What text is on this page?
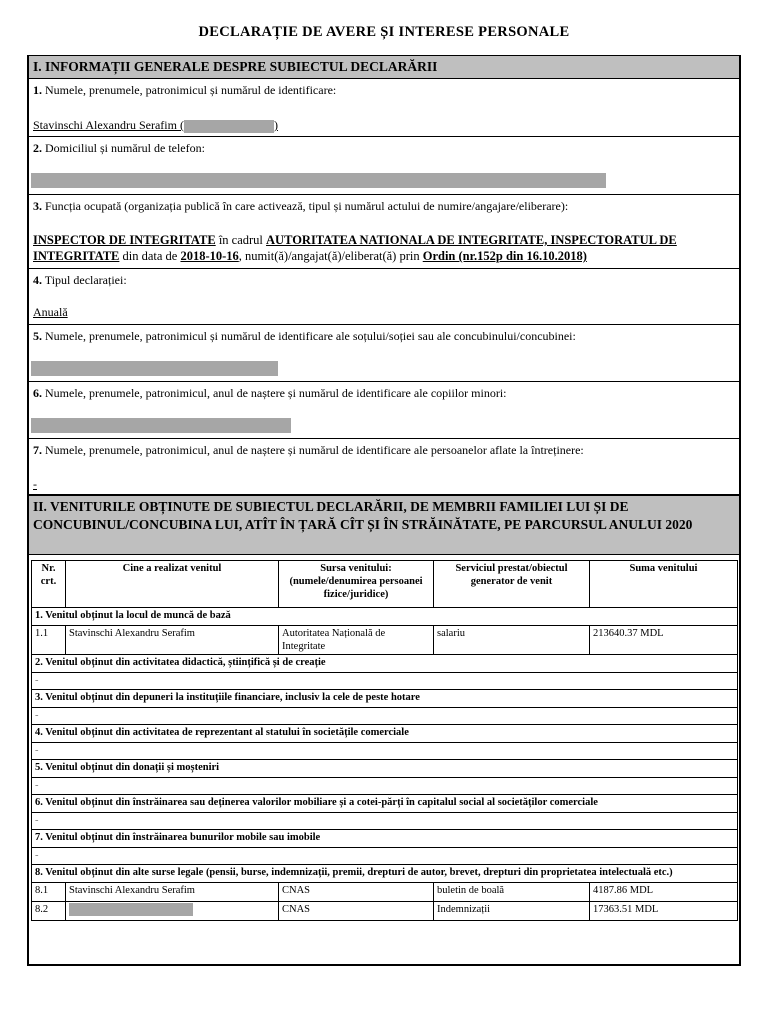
DECLARAȚIE DE AVERE ȘI INTERESE PERSONALE
I. INFORMAȚII GENERALE DESPRE SUBIECTUL DECLARĂRII
1. Numele, prenumele, patronimicul și numărul de identificare:
Stavinschi Alexandru Serafim (	)
2. Domiciliul și numărul de telefon:
3. Funcția ocupată (organizația publică în care activează, tipul și numărul actului de numire/angajare/eliberare):
INSPECTOR DE INTEGRITATE în cadrul AUTORITATEA NATIONALA DE INTEGRITATE, INSPECTORATUL DE INTEGRITATE din data de 2018-10-16, numit(ă)/angajat(ă)/eliberat(ă) prin Ordin (nr.152p din 16.10.2018)
4. Tipul declarației:
Anuală
5. Numele, prenumele, patronimicul și numărul de identificare ale soțului/soției sau ale concubinului/concubinei:
6. Numele, prenumele, patronimicul, anul de naștere și numărul de identificare ale copiilor minori:
7. Numele, prenumele, patronimicul, anul de naștere și numărul de identificare ale persoanelor aflate la întreținere:
-
II. VENITURILE OBȚINUTE DE SUBIECTUL DECLARĂRII, DE MEMBRII FAMILIEI LUI ȘI DE CONCUBINUL/CONCUBINA LUI, ATÎT ÎN ȚARĂ CÎT ȘI ÎN STRĂINĂTATE, PE PARCURSUL ANULUI 2020
Nr. crt.	Cine a realizat venitul	Sursa venitului: (numele/denumirea persoanei fizice/juridice)	Serviciul prestat/obiectul generator de venit	Suma venitului
1. Venitul obținut la locul de muncă de bază				
1.1	Stavinschi Alexandru Serafim	Autoritatea Națională de Integritate	salariu	213640.37 MDL
2. Venitul obținut din activitatea didactică, științifică și de creație				
-				
3. Venitul obținut din depuneri la instituțiile financiare, inclusiv la cele de peste hotare				
-				
4. Venitul obținut din activitatea de reprezentant al statului în societățile comerciale				
-				
5. Venitul obținut din donații și moșteniri				
-				
6. Venitul obținut din înstrăinarea sau deținerea valorilor mobiliare și a cotei-părți în capitalul social al societăților comerciale				
-				
7. Venitul obținut din înstrăinarea bunurilor mobile sau imobile				
-				
8. Venitul obținut din alte surse legale (pensii, burse, indemnizații, premii, drepturi de autor, brevet, drepturi din proprietatea intelectuală etc.)				
8.1	Stavinschi Alexandru Serafim	CNAS	buletin de boală	4187.86 MDL
8.2		CNAS	Indemnizații	17363.51 MDL
